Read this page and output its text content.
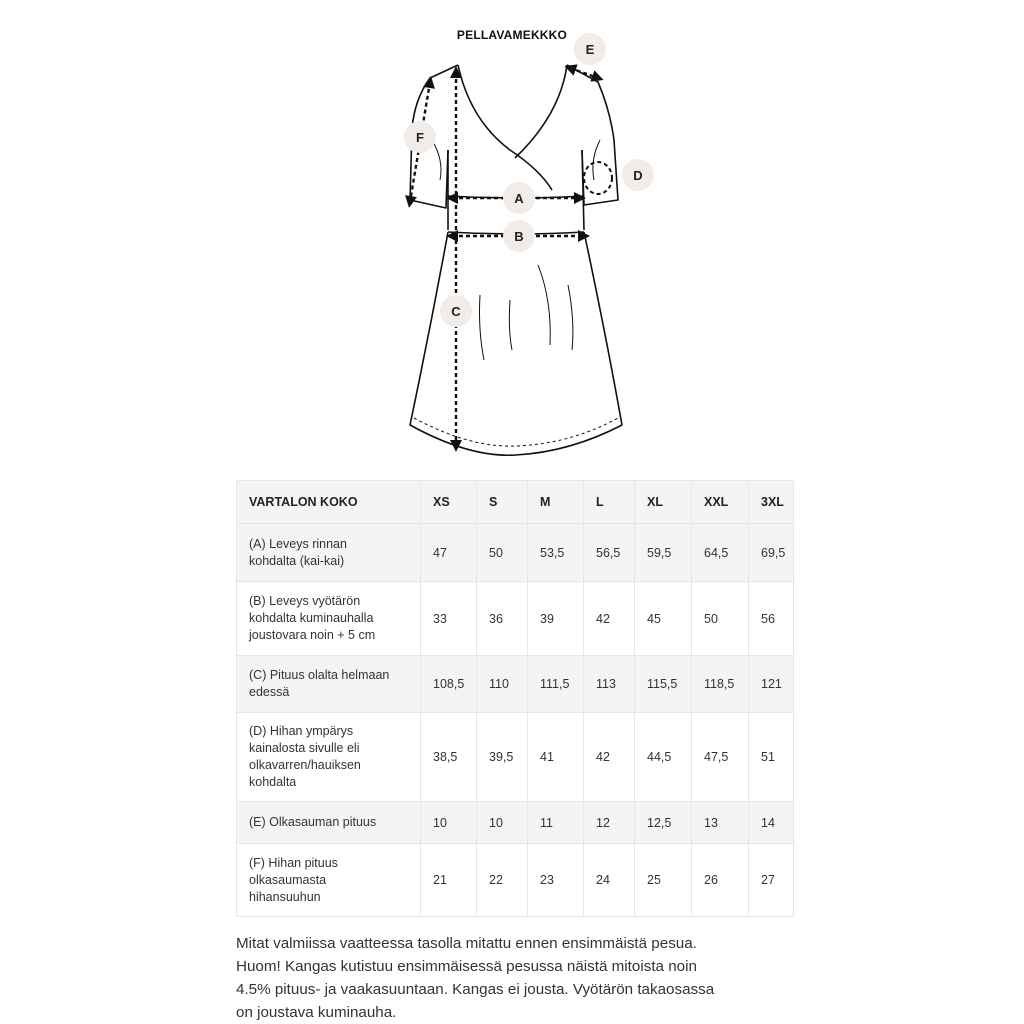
PELLAVAMEKKKO
A
B
C
D
E
F
VARTALON KOKO	XS	S	M	L	XL	XXL	3XL
(A) Leveys rinnan
kohdalta (kai-kai)	47	50	53,5	56,5	59,5	64,5	69,5
(B) Leveys vyötärön
kohdalta kuminauhalla
joustovara noin + 5 cm	33	36	39	42	45	50	56
(C) Pituus olalta helmaan
edessä	108,5	110	111,5	113	115,5	118,5	121
(D) Hihan ympärys
kainalosta sivulle eli
olkavarren/hauiksen
kohdalta	38,5	39,5	41	42	44,5	47,5	51
(E) Olkasauman pituus	10	10	11	12	12,5	13	14
(F) Hihan pituus
olkasaumasta
hihansuuhun	21	22	23	24	25	26	27

Mitat valmiissa vaatteessa tasolla mitattu ennen ensimmäistä pesua.
Huom! Kangas kutistuu ensimmäisessä pesussa näistä mitoista noin
4.5% pituus- ja vaakasuuntaan. Kangas ei jousta. Vyötärön takaosassa
on joustava kuminauha.
